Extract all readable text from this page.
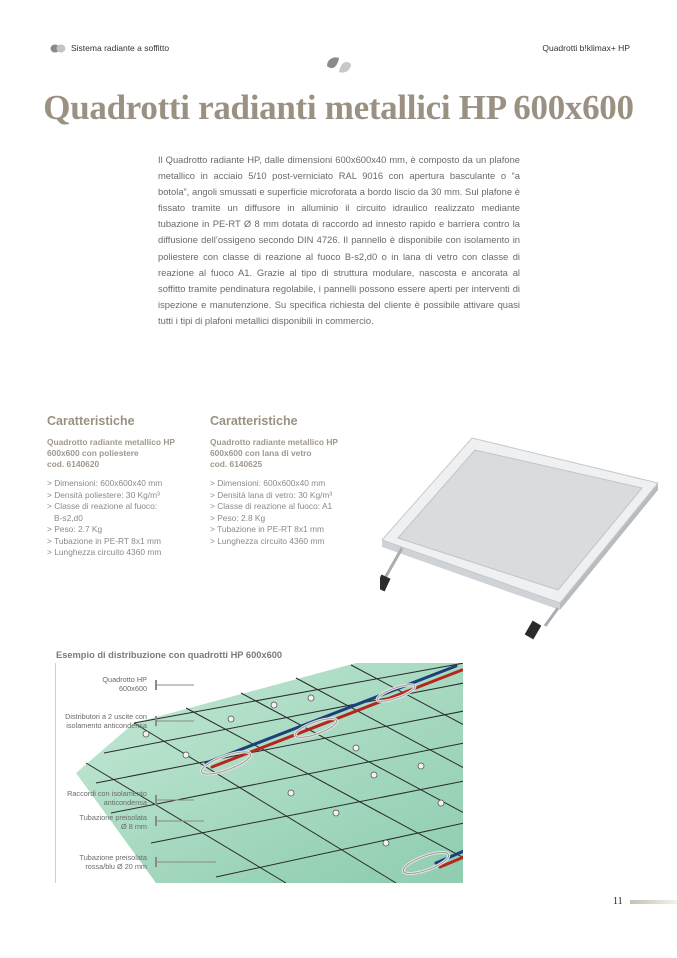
Sistema radiante a soffitto	Quadrotti b!klimax+ HP
Quadrotti radianti metallici HP 600x600

Il Quadrotto radiante HP, dalle dimensioni 600x600x40 mm, è composto da un plafone metallico in acciaio 5/10 post-verniciato RAL 9016 con apertura basculante o “a botola”, angoli smussati e superficie microforata a bordo liscio da 30 mm. Sul plafone è fissato tramite un diffusore in alluminio il circuito idraulico realizzato mediante tubazione in PE-RT Ø 8 mm dotata di raccordo ad innesto rapido e barriera contro la diffusione dell’ossigeno secondo DIN 4726. Il pannello è disponibile con isolamento in poliestere con classe di reazione al fuoco B-s2,d0 o in lana di vetro con classe di reazione al fuoco A1. Grazie al tipo di struttura modulare, nascosta e ancorata al soffitto tramite pendinatura regolabile, i pannelli possono essere aperti per interventi di ispezione e manutenzione. Su specifica richiesta del cliente è possibile attivare quasi tutti i tipi di plafoni metallici disponibili in commercio.

Caratteristiche
Quadrotto radiante metallico HP
600x600 con poliestere
cod. 6140620
> Dimensioni: 600x600x40 mm
> Densità poliestere: 30 Kg/m³
> Classe di reazione al fuoco:
B-s2,d0
> Peso: 2.7 Kg
> Tubazione in PE-RT 8x1 mm
> Lunghezza circuito 4360 mm
Caratteristiche
Quadrotto radiante metallico HP
600x600 con lana di vetro
cod. 6140625
> Dimensioni: 600x600x40 mm
> Densità lana di vetro: 30 Kg/m³
> Classe di reazione al fuoco: A1
> Peso: 2.8 Kg
> Tubazione in PE-RT 8x1 mm
> Lunghezza circuito 4360 mm
Esempio di distribuzione con quadrotti HP 600x600
Quadrotto HP
600x600
Distributori a 2 uscite con
isolamento anticondensa
Raccordi con isolamento
anticondensa
Tubazione preisolata
Ø 8 mm
Tubazione preisolata
rossa/blu Ø 20 mm
11
